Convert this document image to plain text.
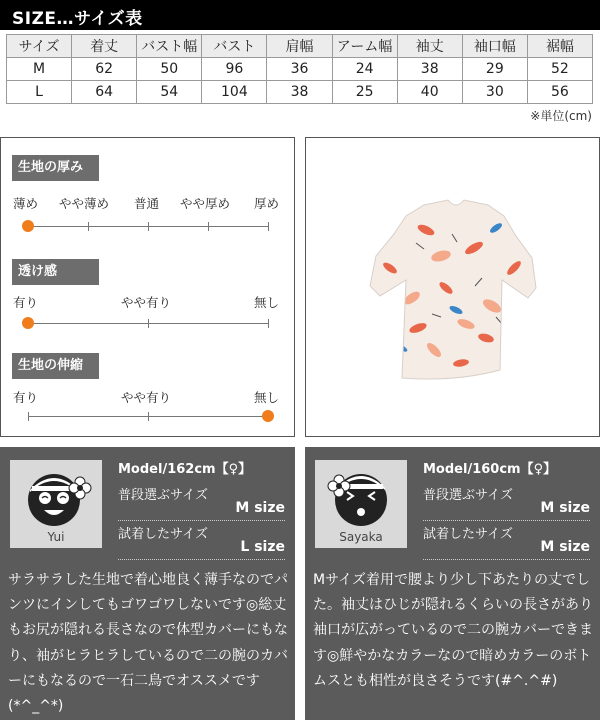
SIZE…サイズ表
サイズ	着丈	バスト幅	バスト	肩幅	アーム幅	袖丈	袖口幅	裾幅
M	62	50	96	36	24	38	29	52
L	64	54	104	38	25	40	30	56
※単位(cm)
生地の厚み
薄め やや薄め 普通 やや厚め 厚め
透け感
有り	やや有り	無し
生地の伸縮
有り	やや有り	無し
Yui
Model/162cm【♀】
普段選ぶサイズ
M size
試着したサイズ
L size
サラサラした生地で着心地良く薄手なのでパンツにインしてもゴワゴワしないです◎総丈もお尻が隠れる長さなので体型カバーにもなり、袖がヒラヒラしているので二の腕のカバーにもなるので一石二鳥でオススメです(*^_^*)
Sayaka
Model/160cm【♀】
普段選ぶサイズ
M size
試着したサイズ
M size
Mサイズ着用で腰より少し下あたりの丈でした。袖丈はひじが隠れるくらいの長さがあり袖口が広がっているので二の腕カバーできます◎鮮やかなカラーなので暗めカラーのボトムスとも相性が良さそうです(#^.^#)
